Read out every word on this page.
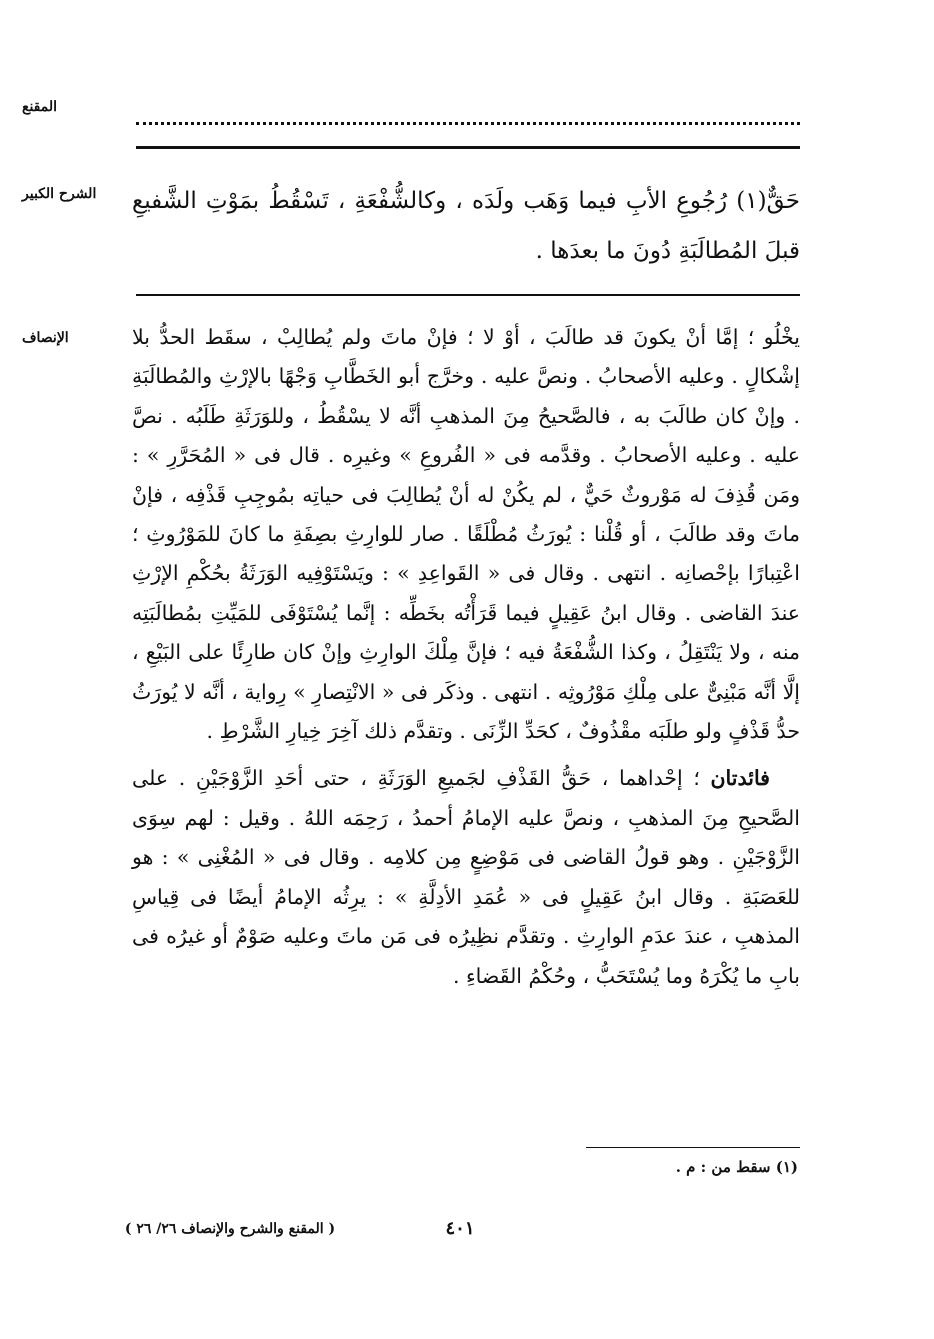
المقنع
الشرح الكبير	حَقٌّ(١) رُجُوعِ الأبِ فيما وَهَب ولَدَه ، وكالشُّفْعَةِ ، تَسْقُطُ بمَوْتِ الشَّفيعِ قبلَ المُطالَبَةِ دُونَ ما بعدَها .
الإنصاف	يخْلُو ؛ إمَّا أنْ يكونَ قد طالَبَ ، أوْ لا ؛ فإنْ ماتَ ولم يُطالِبْ ، سقَط الحدُّ بلا إشْكالٍ . وعليه الأصحابُ . ونصَّ عليه . وخرَّج أبو الخَطَّابِ وَجْهًا بالإرْثِ والمُطالَبَةِ . وإنْ كان طالَبَ به ، فالصَّحيحُ مِنَ المذهبِ أنَّه لا يسْقُطُ ، وللوَرَثَةِ طَلَبُه . نصَّ عليه . وعليه الأصحابُ . وقدَّمه فى « الفُروعِ » وغيرِه . قال فى « المُحَرَّرِ » : ومَن قُذِفَ له مَوْروثٌ حَيٌّ ، لم يكُنْ له أنْ يُطالِبَ فى حياتِه بمُوجِبِ قَذْفِه ، فإنْ ماتَ وقد طالَبَ ، أو قُلْنا : يُورَثُ مُطْلَقًا . صار للوارِثِ بصِفَةِ ما كانَ للمَوْرُوثِ ؛ اعْتِبارًا بإحْصانِه . انتهى . وقال فى « القَواعِدِ » : ويَسْتَوْفِيه الوَرَثَةُ بحُكْمِ الإرْثِ عندَ القاضى . وقال ابنُ عَقِيلٍ فيما قَرَأْتُه بخَطِّه : إنَّما يُسْتَوْفَى للمَيِّتِ بمُطالَبَتِه منه ، ولا يَنْتَقِلُ ، وكذا الشُّفْعَةُ فيه ؛ فإنَّ مِلْكَ الوارِثِ وإنْ كان طارِئًا على البَيْعِ ، إلَّا أنَّه مَبْنِىٌّ على مِلْكِ مَوْرُوثِه . انتهى . وذكَر فى « الانْتِصارِ » رِواية ، أنَّه لا يُورَثُ حدُّ قَذْفٍ ولو طلَبَه مقْذُوفٌ ، كحَدِّ الزِّنَى . وتقدَّم ذلك آخِرَ خِيارِ الشَّرْطِ .

فائدتان ؛ إحْداهما ، حَقُّ القَذْفِ لجَميعِ الوَرَثَةِ ، حتى أحَدِ الزَّوْجَيْنِ . على الصَّحيحِ مِنَ المذهبِ ، ونصَّ عليه الإمامُ أحمدُ ، رَحِمَه اللهُ . وقيل : لهم سِوَى الزَّوْجَيْنِ . وهو قولُ القاضى فى مَوْضِعٍ مِن كلامِه . وقال فى « المُغْنِى » : هو للعَصَبَةِ . وقال ابنُ عَقِيلٍ فى « عُمَدِ الأدِلَّةِ » : يرِثُه الإمامُ أيضًا فى قِياسِ المذهبِ ، عندَ عدَمِ الوارِثِ . وتقدَّم نظِيرُه فى مَن ماتَ وعليه صَوْمٌ أو غيرُه فى بابِ ما يُكْرَهُ وما يُسْتَحَبُّ ، وحُكْمُ القَضاءِ .

(١) سقط من : م .
( المقنع والشرح والإنصاف ٢٦/ ٢٦ )	٤٠١
